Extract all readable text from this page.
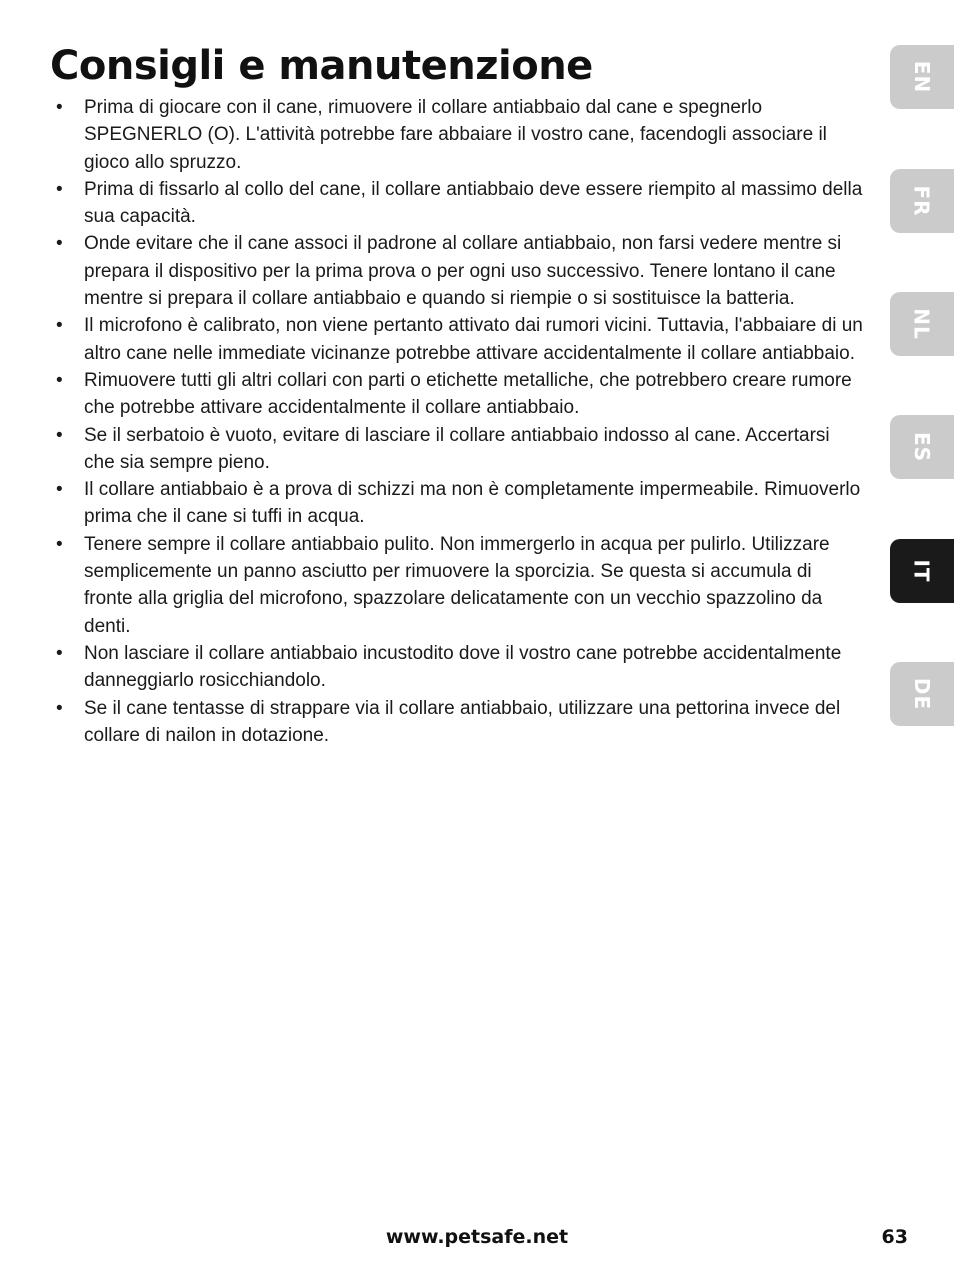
Consigli e manutenzione
• Prima di giocare con il cane, rimuovere il collare antiabbaio dal cane e spegnerlo SPEGNERLO (O). L'attività potrebbe fare abbaiare il vostro cane, facendogli associare il gioco allo spruzzo.
• Prima di fissarlo al collo del cane, il collare antiabbaio deve essere riempito al massimo della sua capacità.
• Onde evitare che il cane associ il padrone al collare antiabbaio, non farsi vedere mentre si prepara il dispositivo per la prima prova o per ogni uso successivo. Tenere lontano il cane mentre si prepara il collare antiabbaio e quando si riempie o si sostituisce la batteria.
• Il microfono è calibrato, non viene pertanto attivato dai rumori vicini. Tuttavia, l'abbaiare di un altro cane nelle immediate vicinanze potrebbe attivare accidentalmente il collare antiabbaio.
• Rimuovere tutti gli altri collari con parti o etichette metalliche, che potrebbero creare rumore che potrebbe attivare accidentalmente il collare antiabbaio.
• Se il serbatoio è vuoto, evitare di lasciare il collare antiabbaio indosso al cane. Accertarsi che sia sempre pieno.
• Il collare antiabbaio è a prova di schizzi ma non è completamente impermeabile. Rimuoverlo prima che il cane si tuffi in acqua.
• Tenere sempre il collare antiabbaio pulito. Non immergerlo in acqua per pulirlo. Utilizzare semplicemente un panno asciutto per rimuovere la sporcizia. Se questa si accumula di fronte alla griglia del microfono, spazzolare delicatamente con un vecchio spazzolino da denti.
• Non lasciare il collare antiabbaio incustodito dove il vostro cane potrebbe accidentalmente danneggiarlo rosicchiandolo.
• Se il cane tentasse di strappare via il collare antiabbaio, utilizzare una pettorina invece del collare di nailon in dotazione.
EN
FR
NL
ES
IT
DE
www.petsafe.net	63
